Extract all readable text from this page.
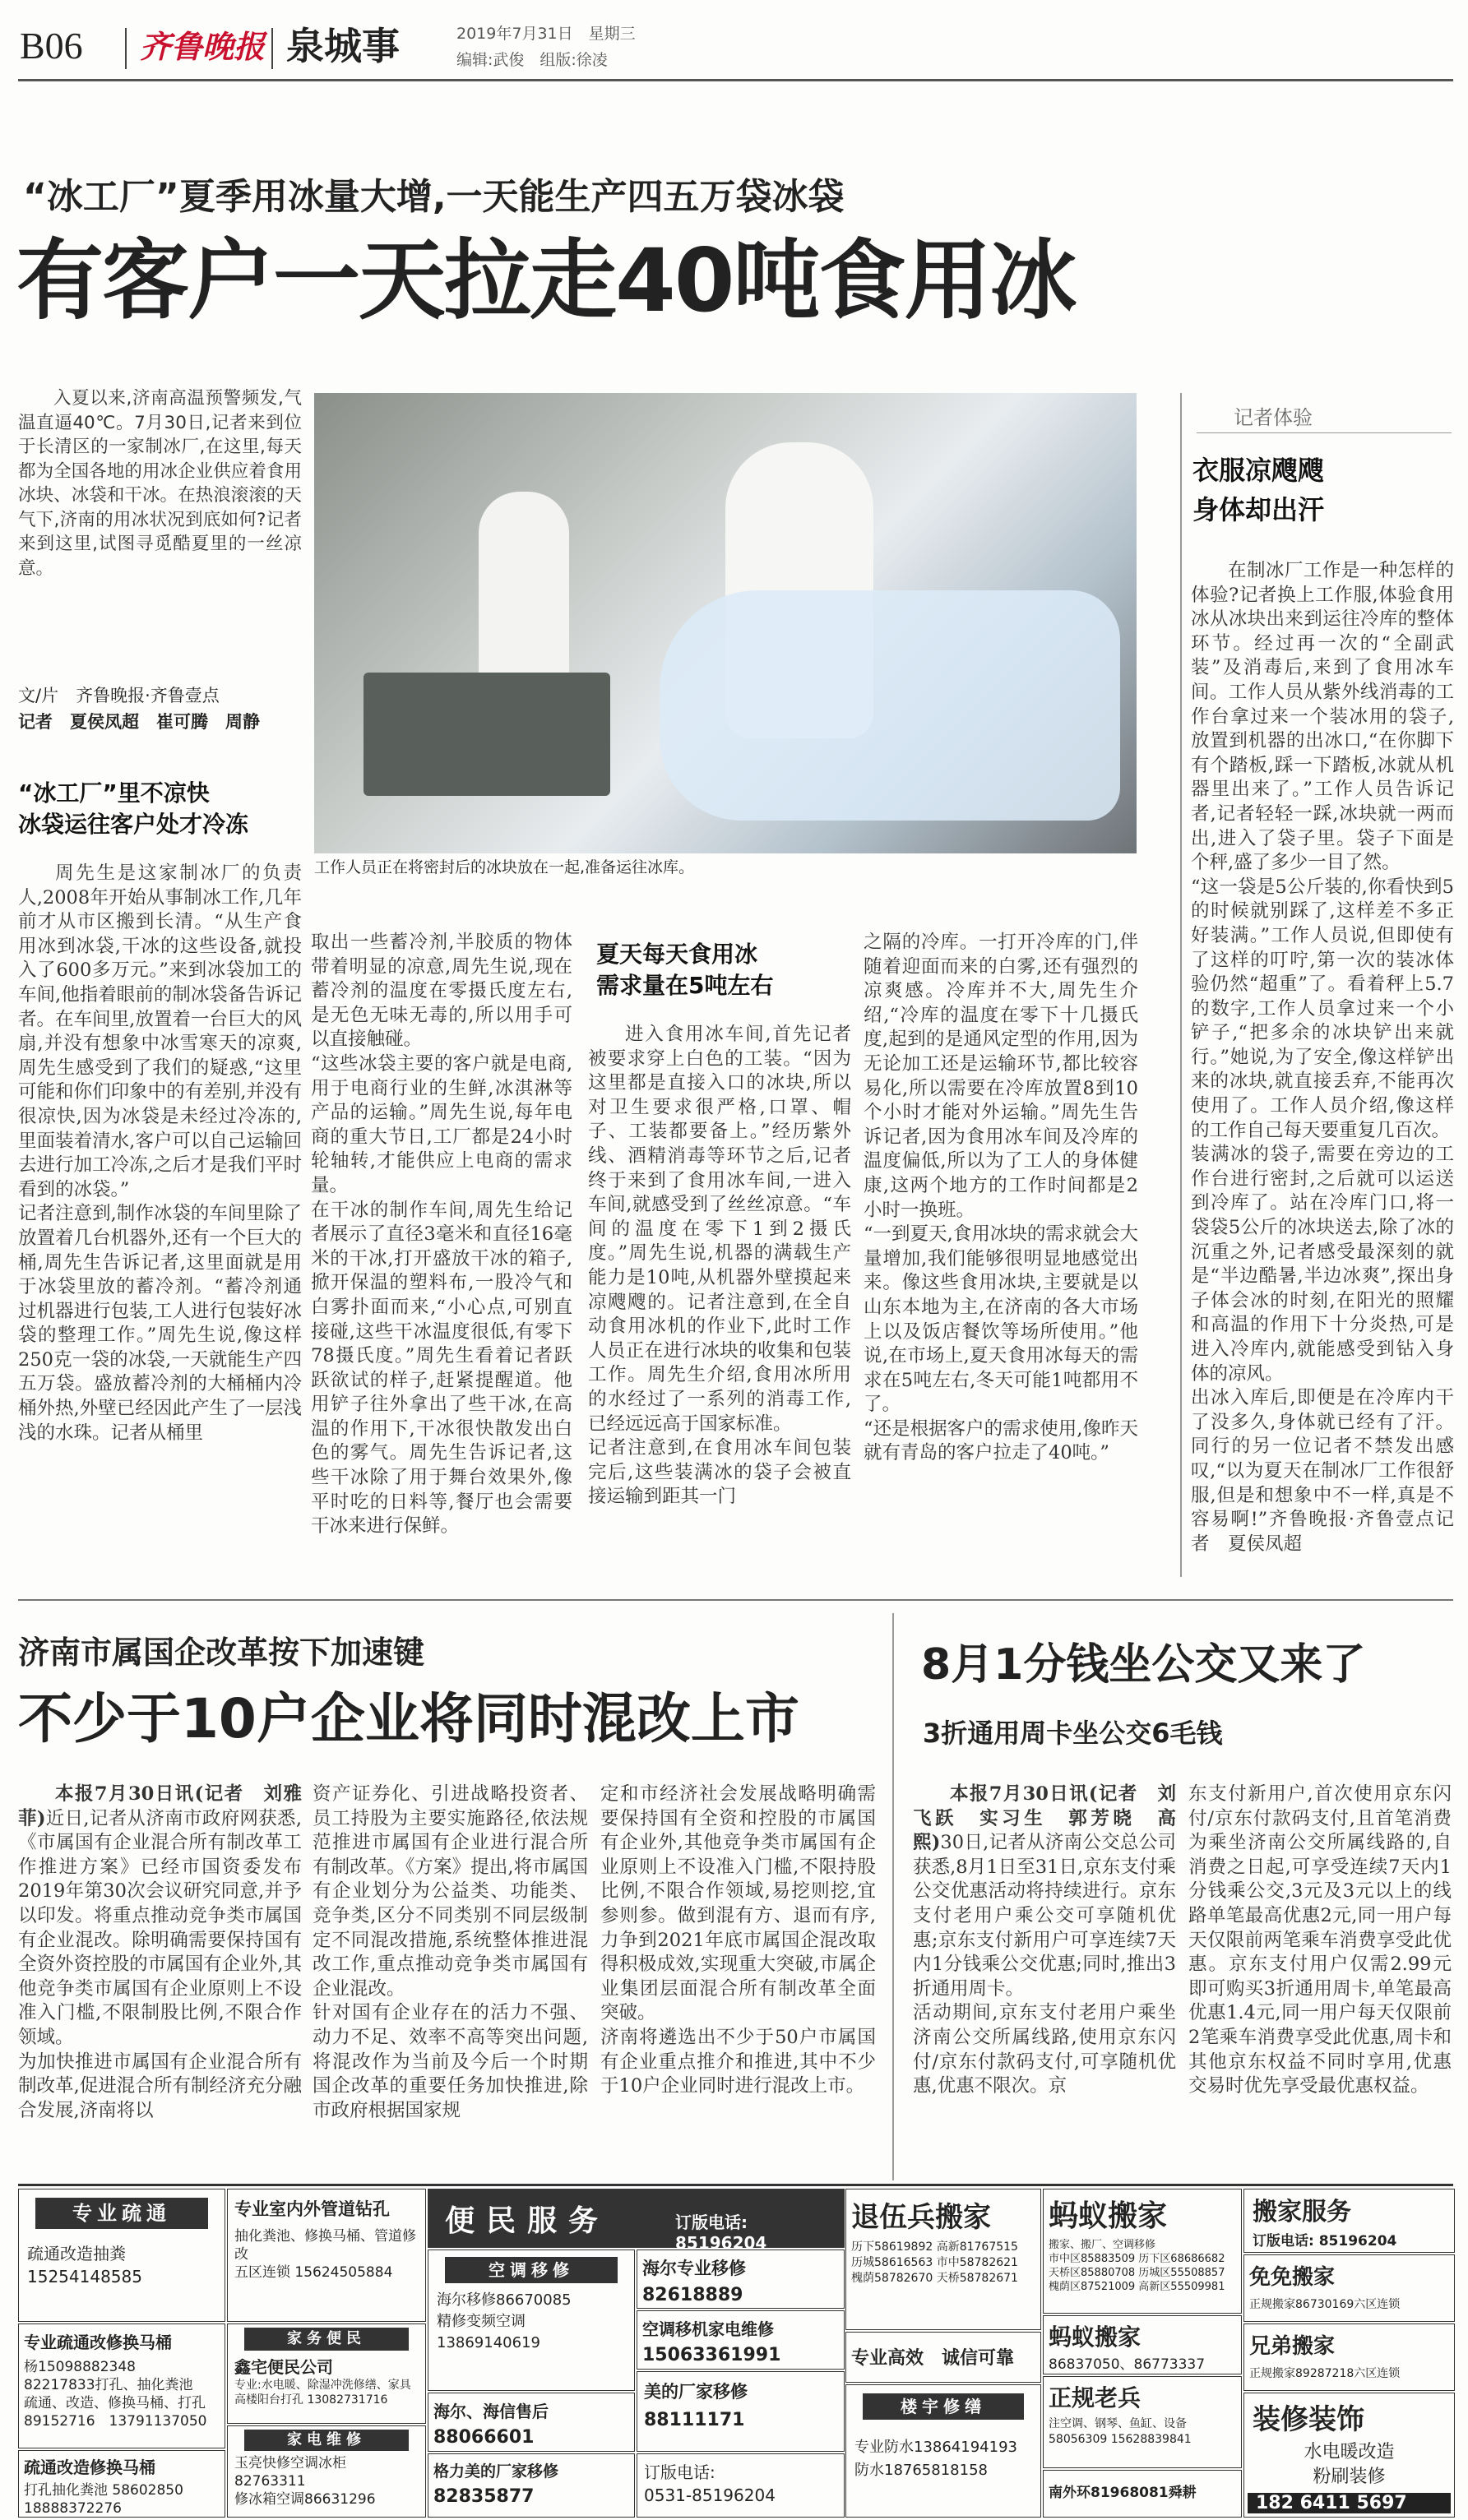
B06 齐鲁晚报 泉城事	2019年7月31日　星期三
编辑:武俊　组版:徐凌
“冰工厂”夏季用冰量大增,一天能生产四五万袋冰袋
有客户一天拉走40吨食用冰

入夏以来,济南高温预警频发,气温直逼40℃。7月30日,记者来到位于长清区的一家制冰厂,在这里,每天都为全国各地的用冰企业供应着食用冰块、冰袋和干冰。在热浪滚滚的天气下,济南的用冰状况到底如何?记者来到这里,试图寻觅酷夏里的一丝凉意。

文/片　齐鲁晚报·齐鲁壹点
记者　夏侯凤超　崔可腾　周静

“冰工厂”里不凉快
冰袋运往客户处才冷冻

工作人员正在将密封后的冰块放在一起,准备运往冰库。

周先生是这家制冰厂的负责人,2008年开始从事制冰工作,几年前才从市区搬到长清。“从生产食用冰到冰袋,干冰的这些设备,就投入了600多万元。”来到冰袋加工的车间,他指着眼前的制冰袋备告诉记者。在车间里,放置着一台巨大的风扇,并没有想象中冰雪寒天的凉爽,周先生感受到了我们的疑惑,“这里可能和你们印象中的有差别,并没有很凉快,因为冰袋是未经过冷冻的,里面装着清水,客户可以自己运输回去进行加工冷冻,之后才是我们平时看到的冰袋。”
记者注意到,制作冰袋的车间里除了放置着几台机器外,还有一个巨大的桶,周先生告诉记者,这里面就是用于冰袋里放的蓄冷剂。“蓄冷剂通过机器进行包装,工人进行包装好冰袋的整理工作。”周先生说,像这样250克一袋的冰袋,一天就能生产四五万袋。盛放蓄冷剂的大桶桶内冷桶外热,外壁已经因此产生了一层浅浅的水珠。记者从桶里

取出一些蓄冷剂,半胶质的物体带着明显的凉意,周先生说,现在蓄冷剂的温度在零摄氏度左右,是无色无味无毒的,所以用手可以直接触碰。
“这些冰袋主要的客户就是电商,用于电商行业的生鲜,冰淇淋等产品的运输。”周先生说,每年电商的重大节日,工厂都是24小时轮轴转,才能供应上电商的需求量。
在干冰的制作车间,周先生给记者展示了直径3毫米和直径16毫米的干冰,打开盛放干冰的箱子,掀开保温的塑料布,一股冷气和白雾扑面而来,“小心点,可别直接碰,这些干冰温度很低,有零下78摄氏度。”周先生看着记者跃跃欲试的样子,赶紧提醒道。他用铲子往外拿出了些干冰,在高温的作用下,干冰很快散发出白色的雾气。周先生告诉记者,这些干冰除了用于舞台效果外,像平时吃的日料等,餐厅也会需要干冰来进行保鲜。

夏天每天食用冰
需求量在5吨左右

进入食用冰车间,首先记者被要求穿上白色的工装。“因为这里都是直接入口的冰块,所以对卫生要求很严格,口罩、帽子、工装都要备上。”经历紫外线、酒精消毒等环节之后,记者终于来到了食用冰车间,一进入车间,就感受到了丝丝凉意。“车间的温度在零下1到2摄氏度。”周先生说,机器的满载生产能力是10吨,从机器外壁摸起来凉飕飕的。记者注意到,在全自动食用冰机的作业下,此时工作人员正在进行冰块的收集和包装工作。周先生介绍,食用冰所用的水经过了一系列的消毒工作,已经远远高于国家标准。
记者注意到,在食用冰车间包装完后,这些装满冰的袋子会被直接运输到距其一门

之隔的冷库。一打开冷库的门,伴随着迎面而来的白雾,还有强烈的凉爽感。冷库并不大,周先生介绍,“冷库的温度在零下十几摄氏度,起到的是通风定型的作用,因为无论加工还是运输环节,都比较容易化,所以需要在冷库放置8到10个小时才能对外运输。”周先生告诉记者,因为食用冰车间及冷库的温度偏低,所以为了工人的身体健康,这两个地方的工作时间都是2小时一换班。
“一到夏天,食用冰块的需求就会大量增加,我们能够很明显地感觉出来。像这些食用冰块,主要就是以山东本地为主,在济南的各大市场上以及饭店餐饮等场所使用。”他说,在市场上,夏天食用冰每天的需求在5吨左右,冬天可能1吨都用不了。
“还是根据客户的需求使用,像昨天就有青岛的客户拉走了40吨。”

记者体验

衣服凉飕飕
身体却出汗

在制冰厂工作是一种怎样的体验?记者换上工作服,体验食用冰从冰块出来到运往冷库的整体环节。经过再一次的“全副武装”及消毒后,来到了食用冰车间。工作人员从紫外线消毒的工作台拿过来一个装冰用的袋子,放置到机器的出冰口,“在你脚下有个踏板,踩一下踏板,冰就从机器里出来了。”工作人员告诉记者,记者轻轻一踩,冰块就一两而出,进入了袋子里。袋子下面是个秤,盛了多少一目了然。
“这一袋是5公斤装的,你看快到5的时候就别踩了,这样差不多正好装满。”工作人员说,但即使有了这样的叮咛,第一次的装冰体验仍然“超重”了。看着秤上5.7的数字,工作人员拿过来一个小铲子,“把多余的冰块铲出来就行。”她说,为了安全,像这样铲出来的冰块,就直接丢弃,不能再次使用了。工作人员介绍,像这样的工作自己每天要重复几百次。
装满冰的袋子,需要在旁边的工作台进行密封,之后就可以运送到冷库了。站在冷库门口,将一袋袋5公斤的冰块送去,除了冰的沉重之外,记者感受最深刻的就是“半边酷暑,半边冰爽”,探出身子体会冰的时刻,在阳光的照耀和高温的作用下十分炎热,可是进入冷库内,就能感受到钻入身体的凉风。
出冰入库后,即便是在冷库内干了没多久,身体就已经有了汗。同行的另一位记者不禁发出感叹,“以为夏天在制冰厂工作很舒服,但是和想象中不一样,真是不容易啊!”齐鲁晚报·齐鲁壹点记者　夏侯凤超

济南市属国企改革按下加速键
不少于10户企业将同时混改上市

本报7月30日讯(记者　刘雅菲)近日,记者从济南市政府网获悉,《市属国有企业混合所有制改革工作推进方案》已经市国资委发布2019年第30次会议研究同意,并予以印发。将重点推动竞争类市属国有企业混改。除明确需要保持国有全资外资控股的市属国有企业外,其他竞争类市属国有企业原则上不设准入门槛,不限制股比例,不限合作领域。
为加快推进市属国有企业混合所有制改革,促进混合所有制经济充分融合发展,济南将以

资产证券化、引进战略投资者、员工持股为主要实施路径,依法规范推进市属国有企业进行混合所有制改革。《方案》提出,将市属国有企业划分为公益类、功能类、竞争类,区分不同类别不同层级制定不同混改措施,系统整体推进混改工作,重点推动竞争类市属国有企业混改。
针对国有企业存在的活力不强、动力不足、效率不高等突出问题,将混改作为当前及今后一个时期国企改革的重要任务加快推进,除市政府根据国家规

定和市经济社会发展战略明确需要保持国有全资和控股的市属国有企业外,其他竞争类市属国有企业原则上不设准入门槛,不限持股比例,不限合作领域,易挖则挖,宜参则参。做到混有方、退而有序,力争到2021年底市属国企混改取得积极成效,实现重大突破,市属企业集团层面混合所有制改革全面突破。
济南将遴选出不少于50户市属国有企业重点推介和推进,其中不少于10户企业同时进行混改上市。

8月1分钱坐公交又来了
3折通用周卡坐公交6毛钱

本报7月30日讯(记者　刘飞跃　实习生　郭芳晓　高熙)30日,记者从济南公交总公司获悉,8月1日至31日,京东支付乘公交优惠活动将持续进行。京东支付老用户乘公交可享随机优惠;京东支付新用户可享连续7天内1分钱乘公交优惠;同时,推出3折通用周卡。
活动期间,京东支付老用户乘坐济南公交所属线路,使用京东闪付/京东付款码支付,可享随机优惠,优惠不限次。京

东支付新用户,首次使用京东闪付/京东付款码支付,且首笔消费为乘坐济南公交所属线路的,自消费之日起,可享受连续7天内1分钱乘公交,3元及3元以上的线路单笔最高优惠2元,同一用户每天仅限前两笔乘车消费享受此优惠。京东支付用户仅需2.99元即可购买3折通用周卡,单笔最高优惠1.4元,同一用户每天仅限前2笔乘车消费享受此优惠,周卡和其他京东权益不同时享用,优惠交易时优先享受最优惠权益。

专业疏通
疏通改造抽粪
15254148585
专业室内外管道钻孔
抽化粪池、修换马桶、管道修改
五区连锁 15624505884
家务便民
鑫宅便民公司
专业:水电暖、除湿冲洗修缮、家具
高楼阳台打孔 13082731716
家电维修
玉亮快修空调冰柜
82763311
修冰箱空调86631296
专业疏通改修换马桶
杨15098882348
82217833打孔、抽化粪池
疏通、改造、修换马桶、打孔
89152716　13791137050
疏通改造修换马桶
打孔抽化粪池 58602850
18888372276
便民服务	订版电话: 85196204
空调移修
海尔移修86670085
精修变频空调
13869140619
海尔专业移修
82618889
空调移机家电维修
15063361991
海尔、海信售后
88066601
美的厂家移修
88111171
格力美的厂家移修
82835877
订版电话:
0531-85196204
退伍兵搬家
历下58619892 高新81767515
历城58616563 市中58782621
槐荫58782670 天桥58782671
专业高效　诚信可靠
楼宇修缮
专业防水13864194193
防水18765818158
蚂蚁搬家
搬家、搬厂、空调移修
市中区85883509 历下区68686682
天桥区85880708 历城区55508857
槐荫区87521009 高新区55509981
蚂蚁搬家
86837050、86773337
正规老兵
注空调、钢琴、鱼缸、设备
58056309 15628839841
南外环81968081舜耕
搬家服务
订版电话: 85196204
免免搬家
正规搬家86730169六区连锁
兄弟搬家
正规搬家89287218六区连锁
装修装饰
水电暖改造
粉刷装修
182 6411 5697
